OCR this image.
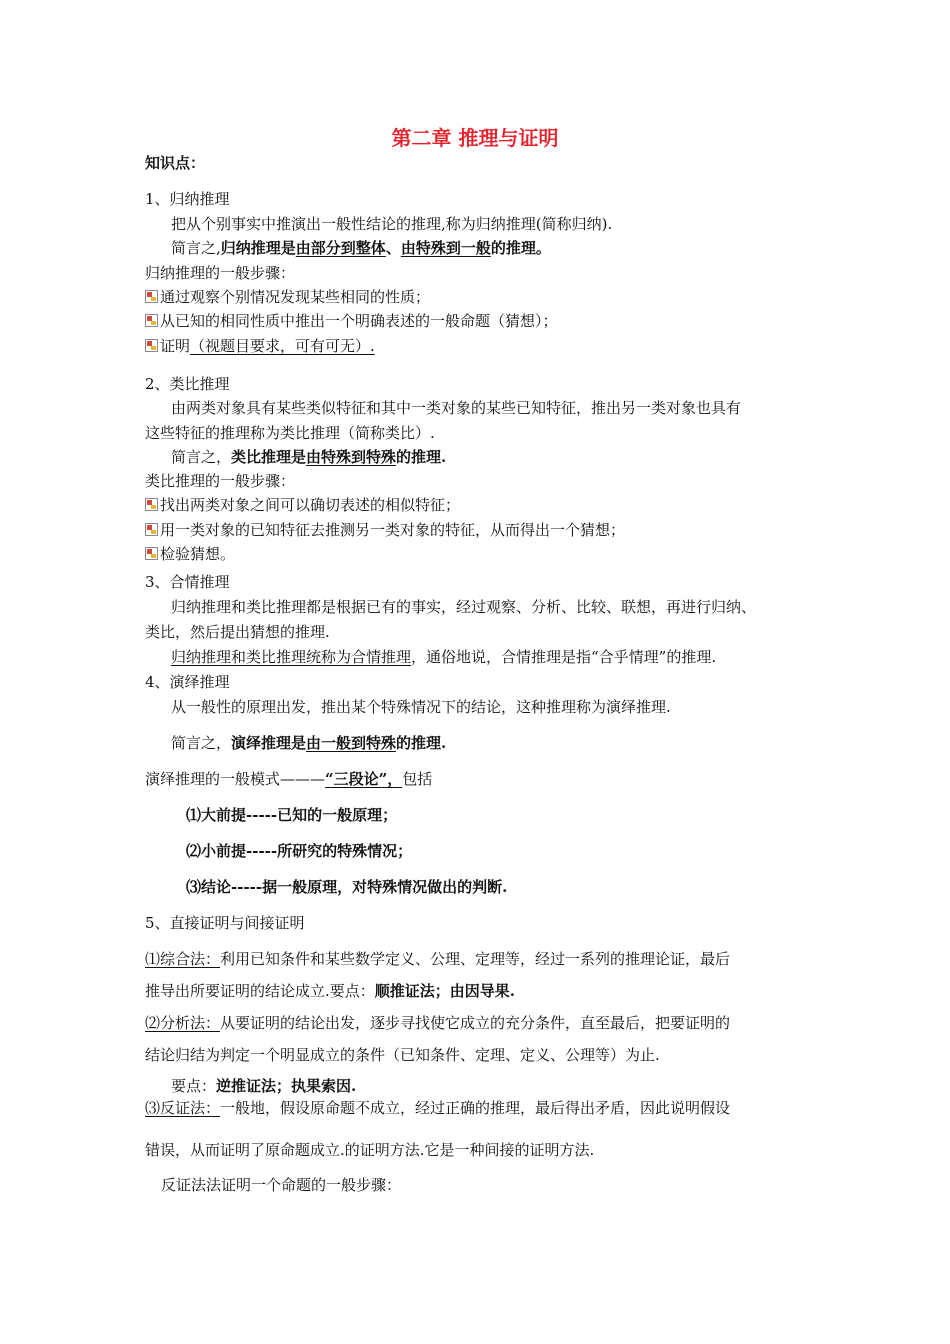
第二章 推理与证明
知识点：
1、归纳推理
把从个别事实中推演出一般性结论的推理,称为归纳推理(简称归纳).
简言之,归纳推理是由部分到整体、由特殊到一般的推理。
归纳推理的一般步骤：
通过观察个别情况发现某些相同的性质；
从已知的相同性质中推出一个明确表述的一般命题（猜想）；
证明（视题目要求，可有可无）.
2、类比推理
由两类对象具有某些类似特征和其中一类对象的某些已知特征，推出另一类对象也具有
这些特征的推理称为类比推理（简称类比）.
简言之，类比推理是由特殊到特殊的推理.
类比推理的一般步骤：
找出两类对象之间可以确切表述的相似特征；
用一类对象的已知特征去推测另一类对象的特征，从而得出一个猜想；
检验猜想。
3、合情推理
归纳推理和类比推理都是根据已有的事实，经过观察、分析、比较、联想，再进行归纳、
类比，然后提出猜想的推理.
归纳推理和类比推理统称为合情推理，通俗地说，合情推理是指“合乎情理”的推理.
4、演绎推理
从一般性的原理出发，推出某个特殊情况下的结论，这种推理称为演绎推理.
简言之，演绎推理是由一般到特殊的推理.
演绎推理的一般模式———“三段论”，包括
⑴大前提-----已知的一般原理；
⑵小前提-----所研究的特殊情况；
⑶结论-----据一般原理，对特殊情况做出的判断.
5、直接证明与间接证明
⑴综合法：利用已知条件和某些数学定义、公理、定理等，经过一系列的推理论证，最后
推导出所要证明的结论成立.要点：顺推证法；由因导果.
⑵分析法：从要证明的结论出发，逐步寻找使它成立的充分条件，直至最后，把要证明的
结论归结为判定一个明显成立的条件（已知条件、定理、定义、公理等）为止.
要点：逆推证法；执果索因.
⑶反证法：一般地，假设原命题不成立，经过正确的推理，最后得出矛盾，因此说明假设
错误，从而证明了原命题成立.的证明方法.它是一种间接的证明方法.
反证法法证明一个命题的一般步骤：
